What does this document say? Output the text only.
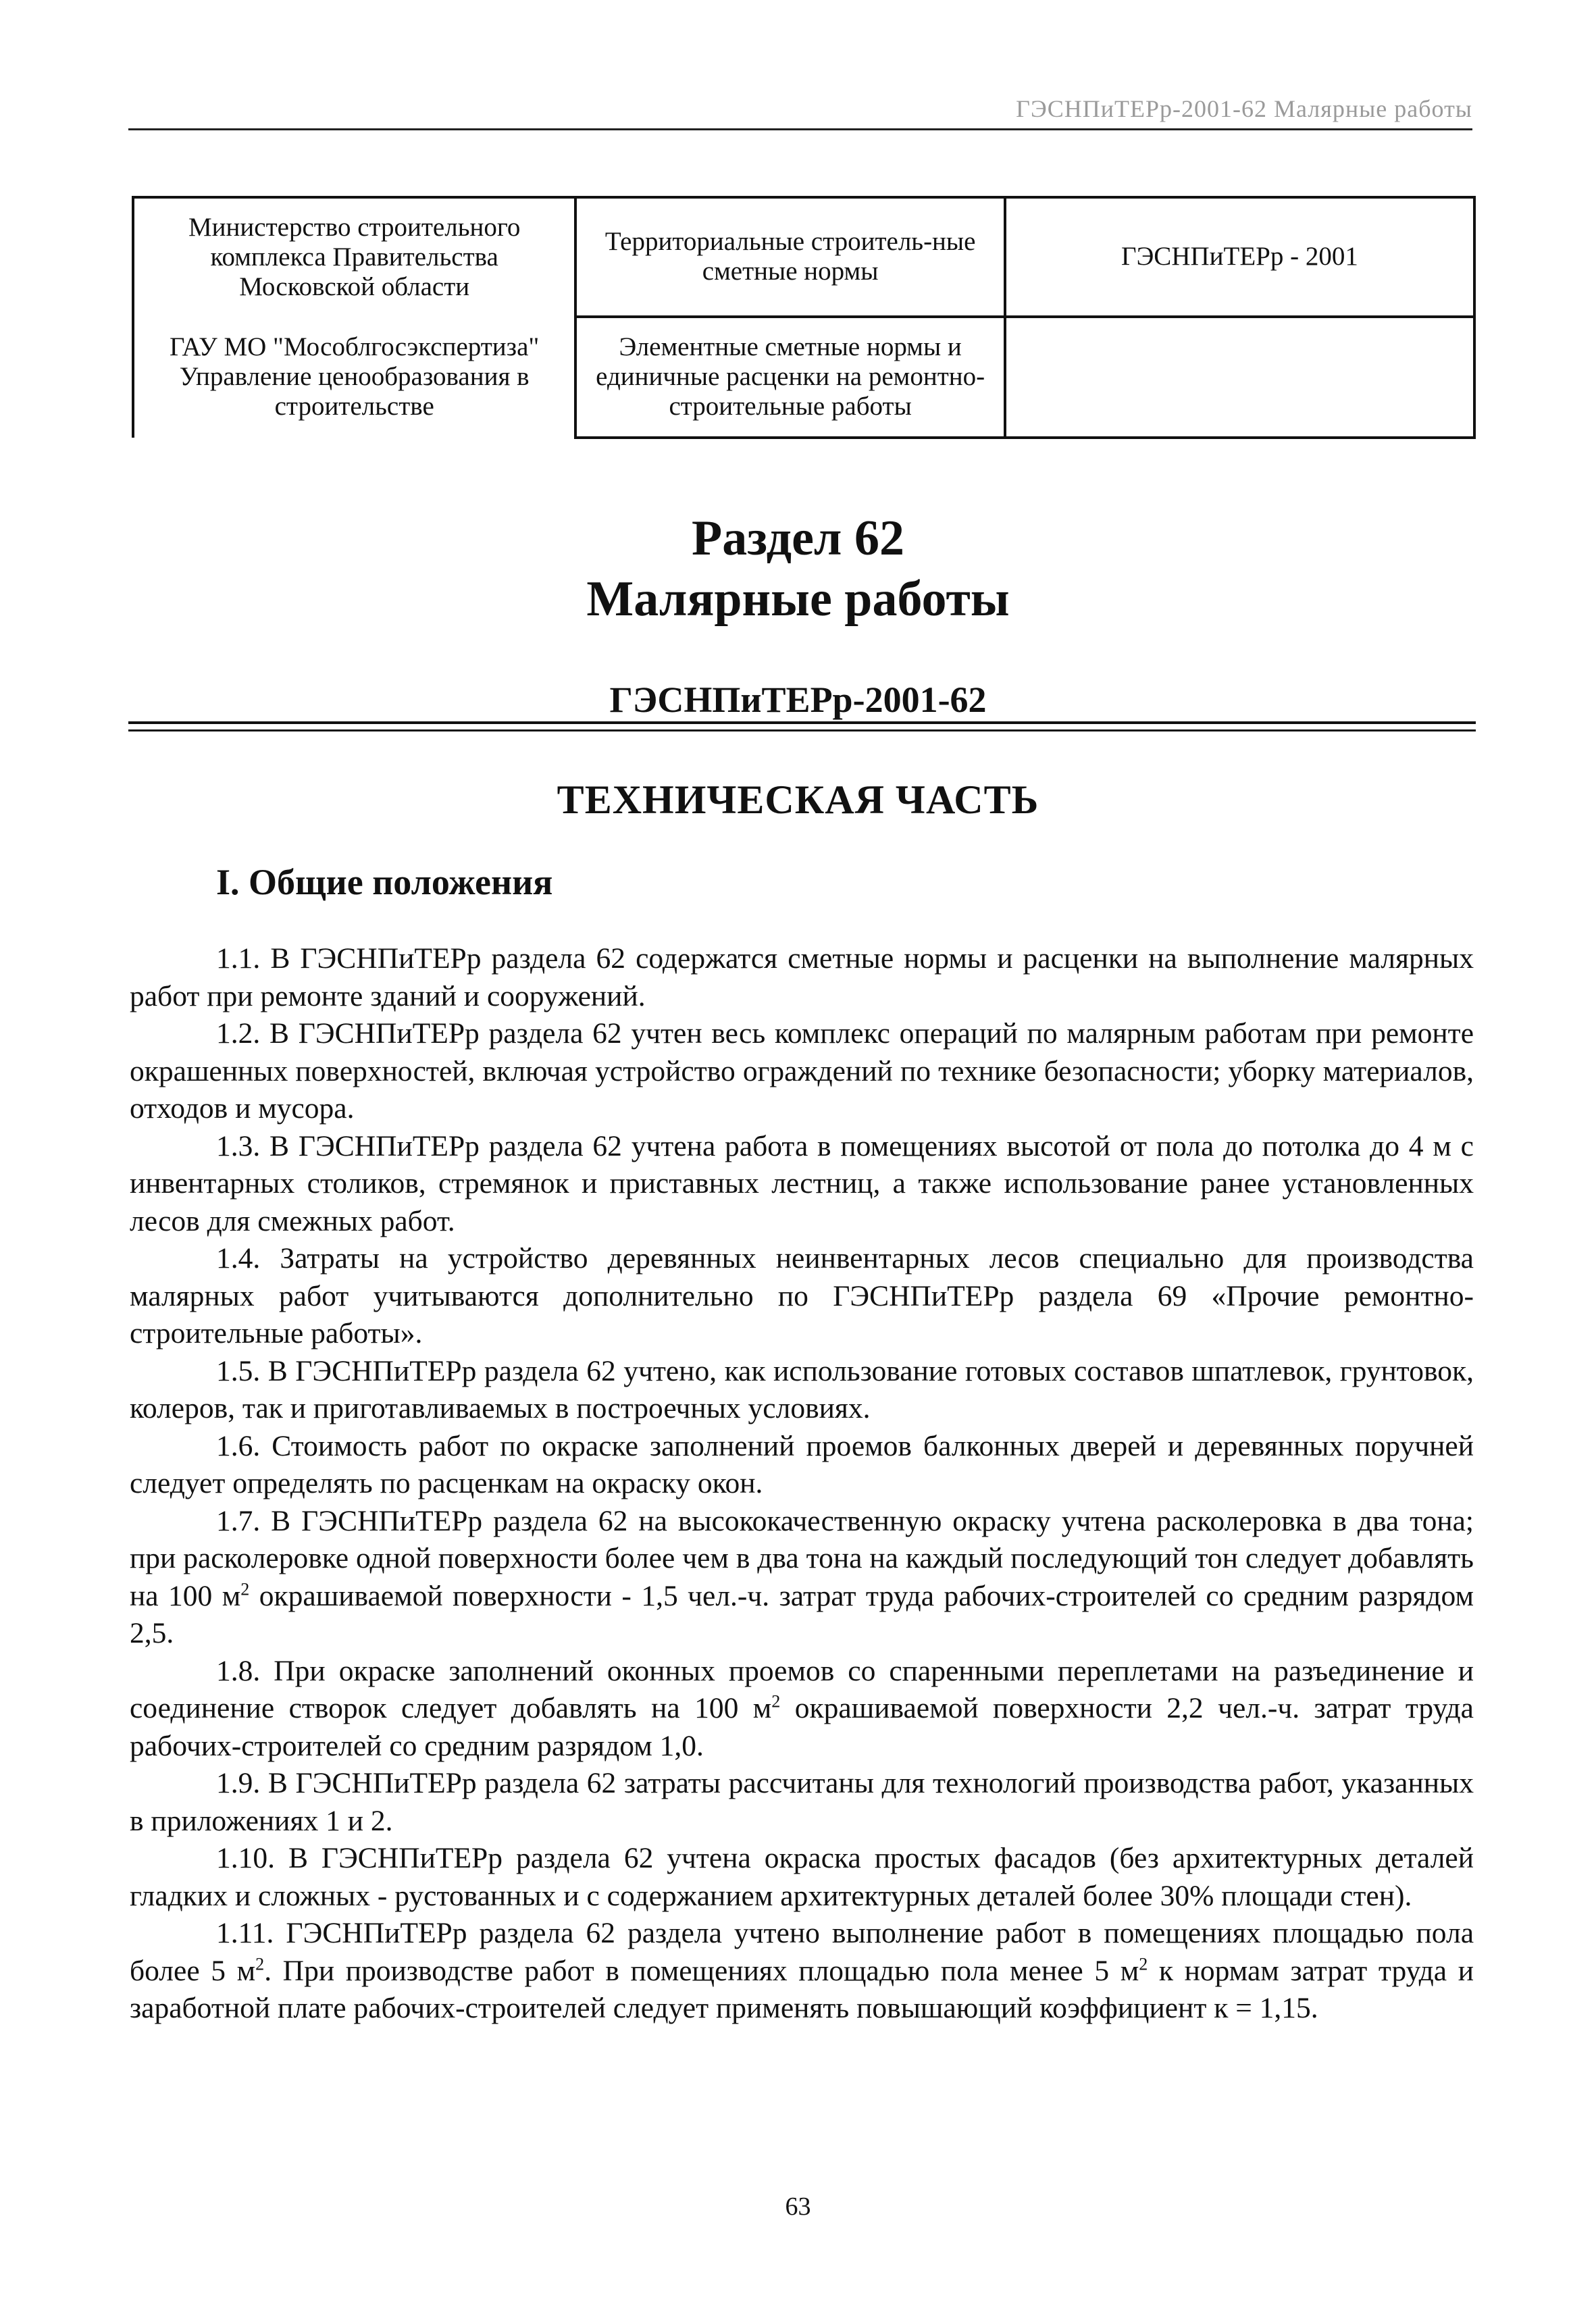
ГЭСНПиТЕРр-2001-62 Малярные работы
Министерство строительного комплекса Правительства Московской области	Территориальные строитель-ные сметные нормы	ГЭСНПиТЕРр - 2001
ГАУ МО "Мособлгосэкспертиза" Управление ценообразования в строительстве	Элементные сметные нормы и единичные расценки на ремонтно-строительные работы	
Раздел 62
Малярные работы
ГЭСНПиТЕРр-2001-62
ТЕХНИЧЕСКАЯ ЧАСТЬ
I. Общие положения

1.1. В ГЭСНПиТЕРр раздела 62 содержатся сметные нормы и расценки на выполнение малярных работ при ремонте зданий и сооружений.

1.2. В ГЭСНПиТЕРр раздела 62 учтен весь комплекс операций по малярным работам при ремонте окрашенных поверхностей, включая устройство ограждений по технике безопасности; уборку материалов, отходов и мусора.

1.3. В ГЭСНПиТЕРр раздела 62 учтена работа в помещениях высотой от пола до потолка до 4 м с инвентарных столиков, стремянок и приставных лестниц, а также использование ранее установленных лесов для смежных работ.

1.4. Затраты на устройство деревянных неинвентарных лесов специально для производства малярных работ учитываются дополнительно по ГЭСНПиТЕРр раздела 69 «Прочие ремонтно-строительные работы».

1.5. В ГЭСНПиТЕРр раздела 62 учтено, как использование готовых составов шпатлевок, грунтовок, колеров, так и приготавливаемых в построечных условиях.

1.6. Стоимость работ по окраске заполнений проемов балконных дверей и деревянных поручней следует определять по расценкам на окраску окон.

1.7. В ГЭСНПиТЕРр раздела 62 на высококачественную окраску учтена расколеровка в два тона; при расколеровке одной поверхности более чем в два тона на каждый последующий тон следует добавлять на 100 $м^2$ окрашиваемой поверхности - 1,5 чел.-ч. затрат труда рабочих-строителей со средним разрядом 2,5.

1.8. При окраске заполнений оконных проемов со спаренными переплетами на разъединение и соединение створок следует добавлять на 100 $м^2$ окрашиваемой поверхности 2,2 чел.-ч. затрат труда рабочих-строителей со средним разрядом 1,0.

1.9. В ГЭСНПиТЕРр раздела 62 затраты рассчитаны для технологий производства работ, указанных в приложениях 1 и 2.

1.10. В ГЭСНПиТЕРр раздела 62 учтена окраска простых фасадов (без архитектурных деталей гладких и сложных - рустованных и с содержанием архитектурных деталей более 30% площади стен).

1.11. ГЭСНПиТЕРр раздела 62 раздела учтено выполнение работ в помещениях площадью пола более 5 $м^2$. При производстве работ в помещениях площадью пола менее 5 $м^2$ к нормам затрат труда и заработной плате рабочих-строителей следует применять повышающий коэффициент к = 1,15.

63
